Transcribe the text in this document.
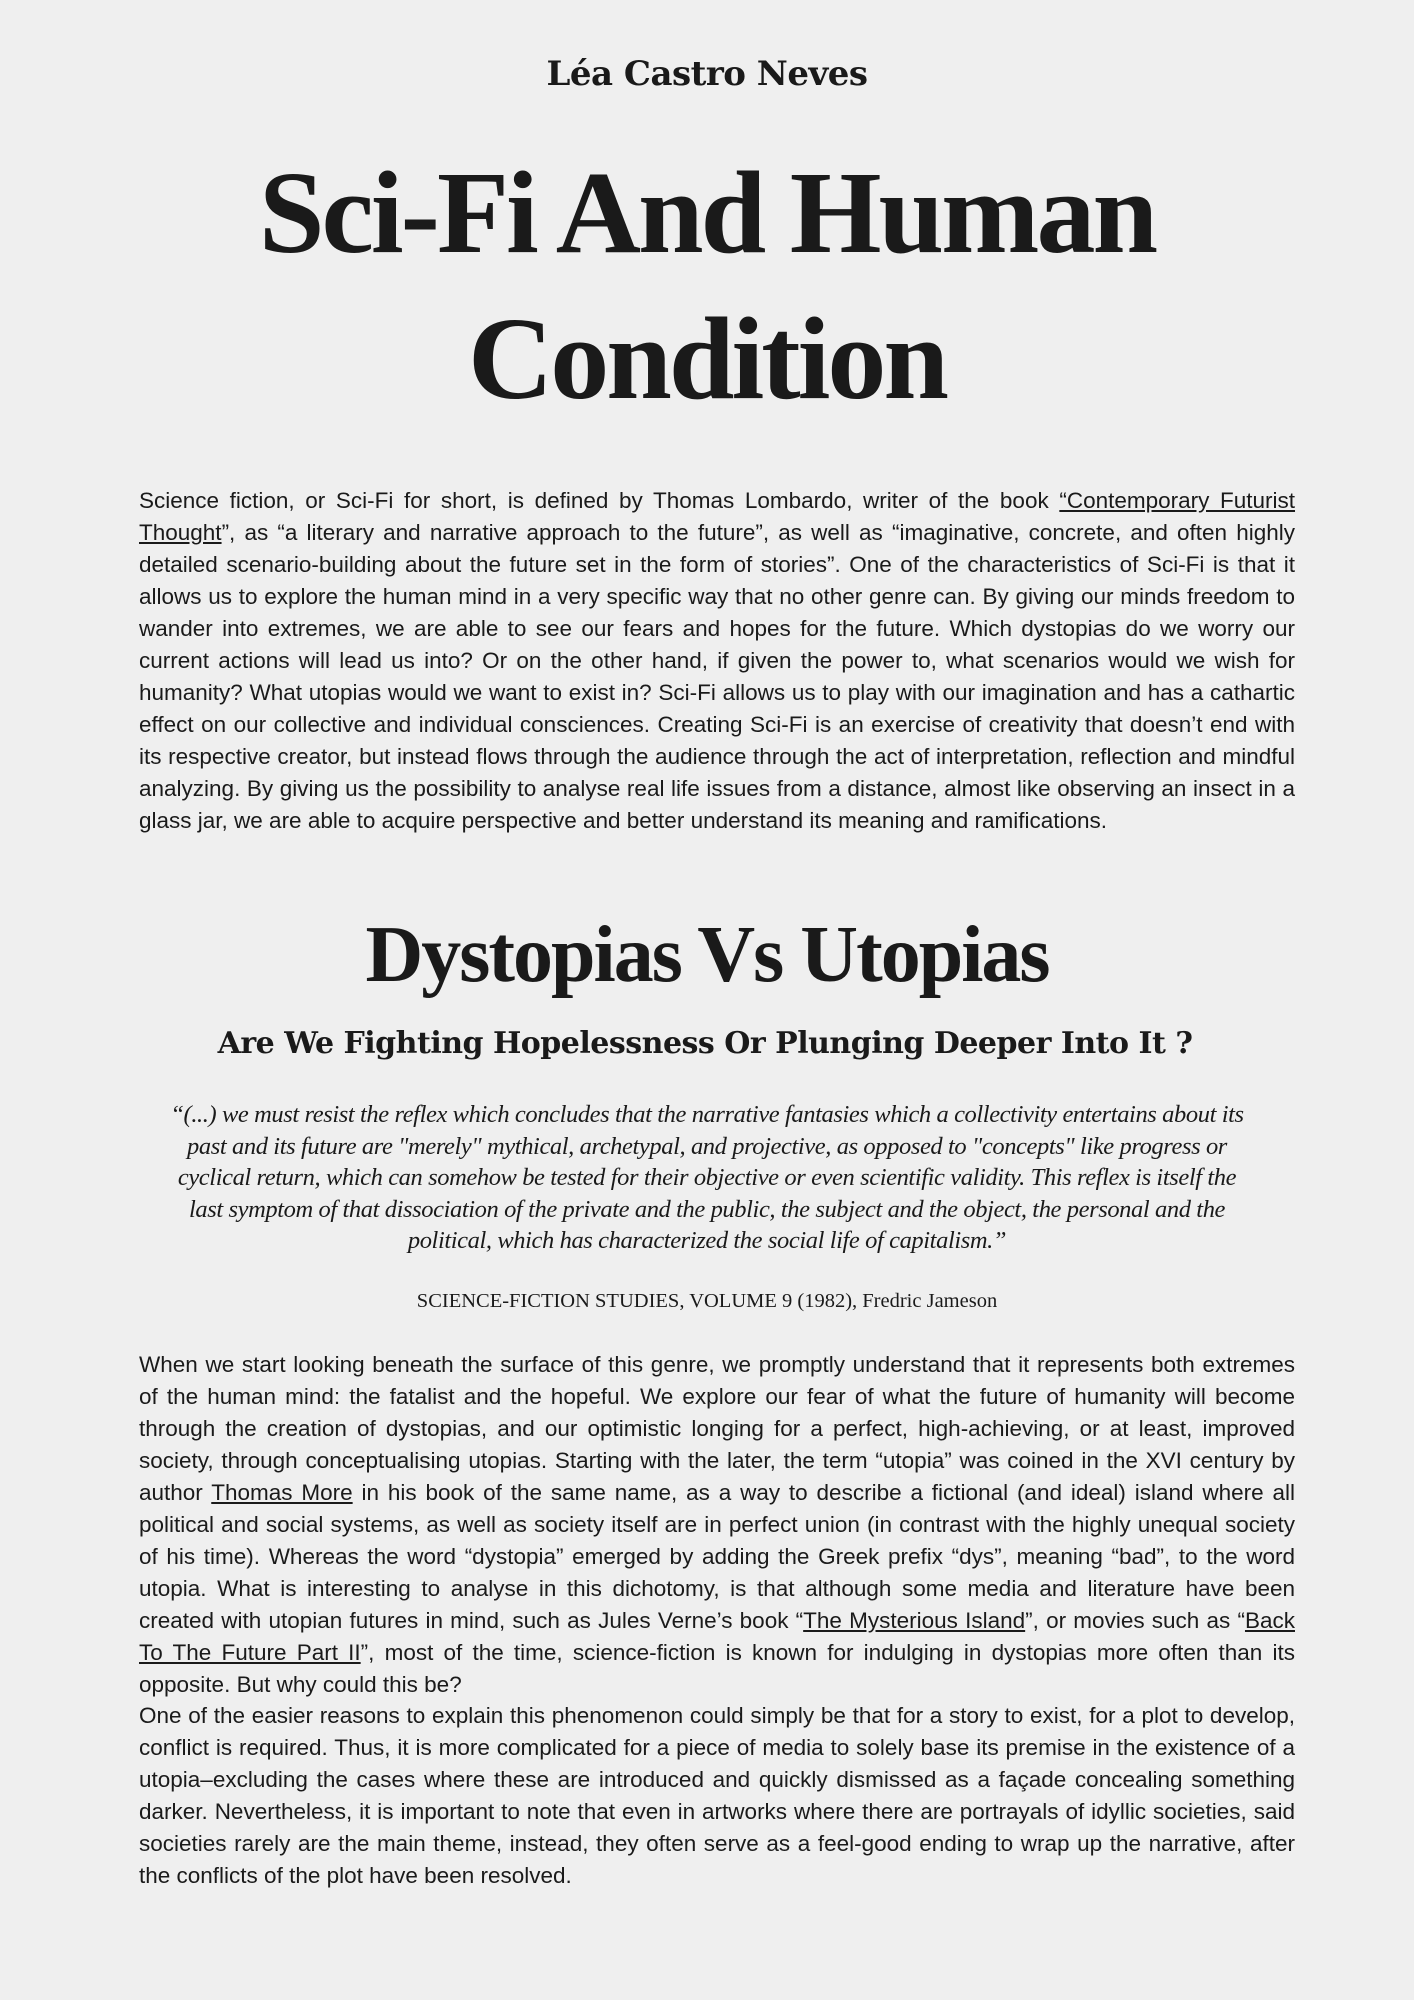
Léa Castro Neves
Sci-Fi And Human Condition
Science fiction, or Sci-Fi for short, is defined by Thomas Lombardo, writer of the book “Contemporary Futurist Thought”, as “a literary and narrative approach to the future”, as well as “imaginative, concrete, and often highly detailed scenario-building about the future set in the form of stories”. One of the characteristics of Sci-Fi is that it allows us to explore the human mind in a very specific way that no other genre can. By giving our minds freedom to wander into extremes, we are able to see our fears and hopes for the future. Which dystopias do we worry our current actions will lead us into? Or on the other hand, if given the power to, what scenarios would we wish for humanity? What utopias would we want to exist in? Sci-Fi allows us to play with our imagination and has a cathartic effect on our collective and individual consciences. Creating Sci-Fi is an exercise of creativity that doesn’t end with its respective creator, but instead flows through the audience through the act of interpretation, reflection and mindful analyzing. By giving us the possibility to analyse real life issues from a distance, almost like observing an insect in a glass jar, we are able to acquire perspective and better understand its meaning and ramifications.
Dystopias Vs Utopias
Are We Fighting Hopelessness Or Plunging Deeper Into It ?
“(...) we must resist the reflex which concludes that the narrative fantasies which a collectivity entertains about its past and its future are "merely" mythical, archetypal, and projective, as opposed to "concepts" like progress or cyclical return, which can somehow be tested for their objective or even scientific validity. This reflex is itself the last symptom of that dissociation of the private and the public, the subject and the object, the personal and the political, which has characterized the social life of capitalism.”
SCIENCE-FICTION STUDIES, VOLUME 9 (1982), Fredric Jameson
When we start looking beneath the surface of this genre, we promptly understand that it represents both extremes of the human mind: the fatalist and the hopeful. We explore our fear of what the future of humanity will become through the creation of dystopias, and our optimistic longing for a perfect, high-achieving, or at least, improved society, through conceptualising utopias. Starting with the later, the term “utopia” was coined in the XVI century by author Thomas More in his book of the same name, as a way to describe a fictional (and ideal) island where all political and social systems, as well as society itself are in perfect union (in contrast with the highly unequal society of his time). Whereas the word “dystopia” emerged by adding the Greek prefix “dys”, meaning “bad”, to the word utopia. What is interesting to analyse in this dichotomy, is that although some media and literature have been created with utopian futures in mind, such as Jules Verne’s book “The Mysterious Island”, or movies such as “Back To The Future Part II”, most of the time, science-fiction is known for indulging in dystopias more often than its opposite. But why could this be?
One of the easier reasons to explain this phenomenon could simply be that for a story to exist, for a plot to develop, conflict is required. Thus, it is more complicated for a piece of media to solely base its premise in the existence of a utopia–excluding the cases where these are introduced and quickly dismissed as a façade concealing something darker. Nevertheless, it is important to note that even in artworks where there are portrayals of idyllic societies, said societies rarely are the main theme, instead, they often serve as a feel-good ending to wrap up the narrative, after the conflicts of the plot have been resolved.
